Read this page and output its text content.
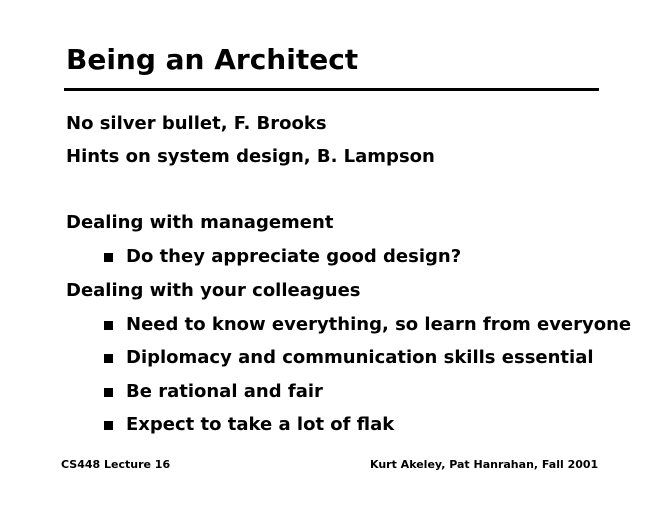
Being an Architect
No silver bullet, F. Brooks
Hints on system design, B. Lampson
Dealing with management
Do they appreciate good design?
Dealing with your colleagues
Need to know everything, so learn from everyone
Diplomacy and communication skills essential
Be rational and fair
Expect to take a lot of flak
CS448 Lecture 16	Kurt Akeley, Pat Hanrahan, Fall 2001
